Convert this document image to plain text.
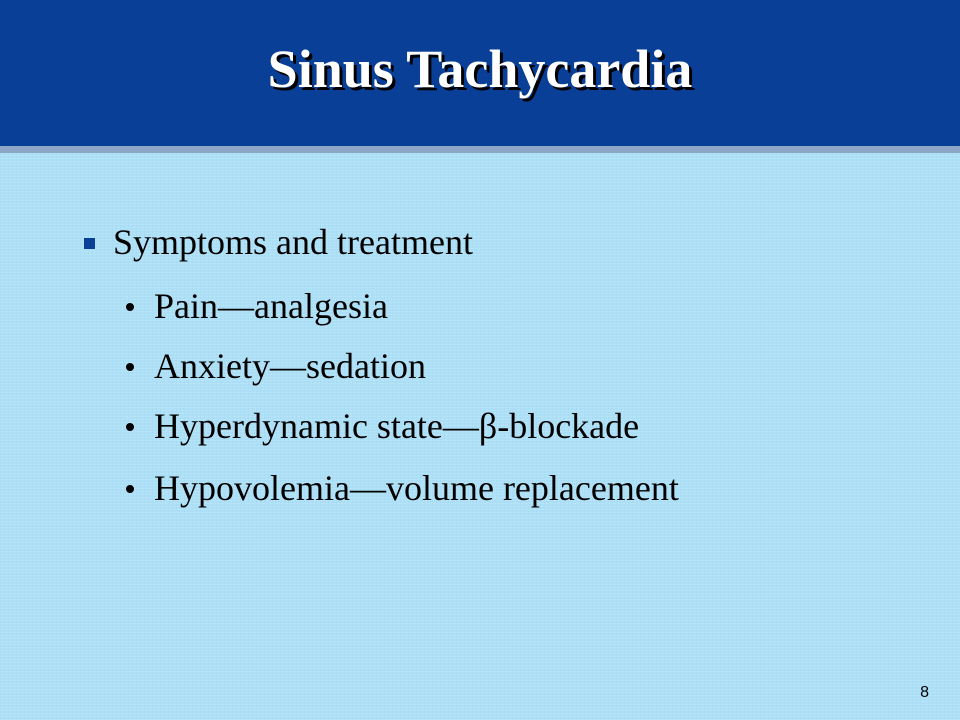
Sinus Tachycardia
Symptoms and treatment
Pain—analgesia
Anxiety—sedation
Hyperdynamic state—β-blockade
Hypovolemia—volume replacement
8
